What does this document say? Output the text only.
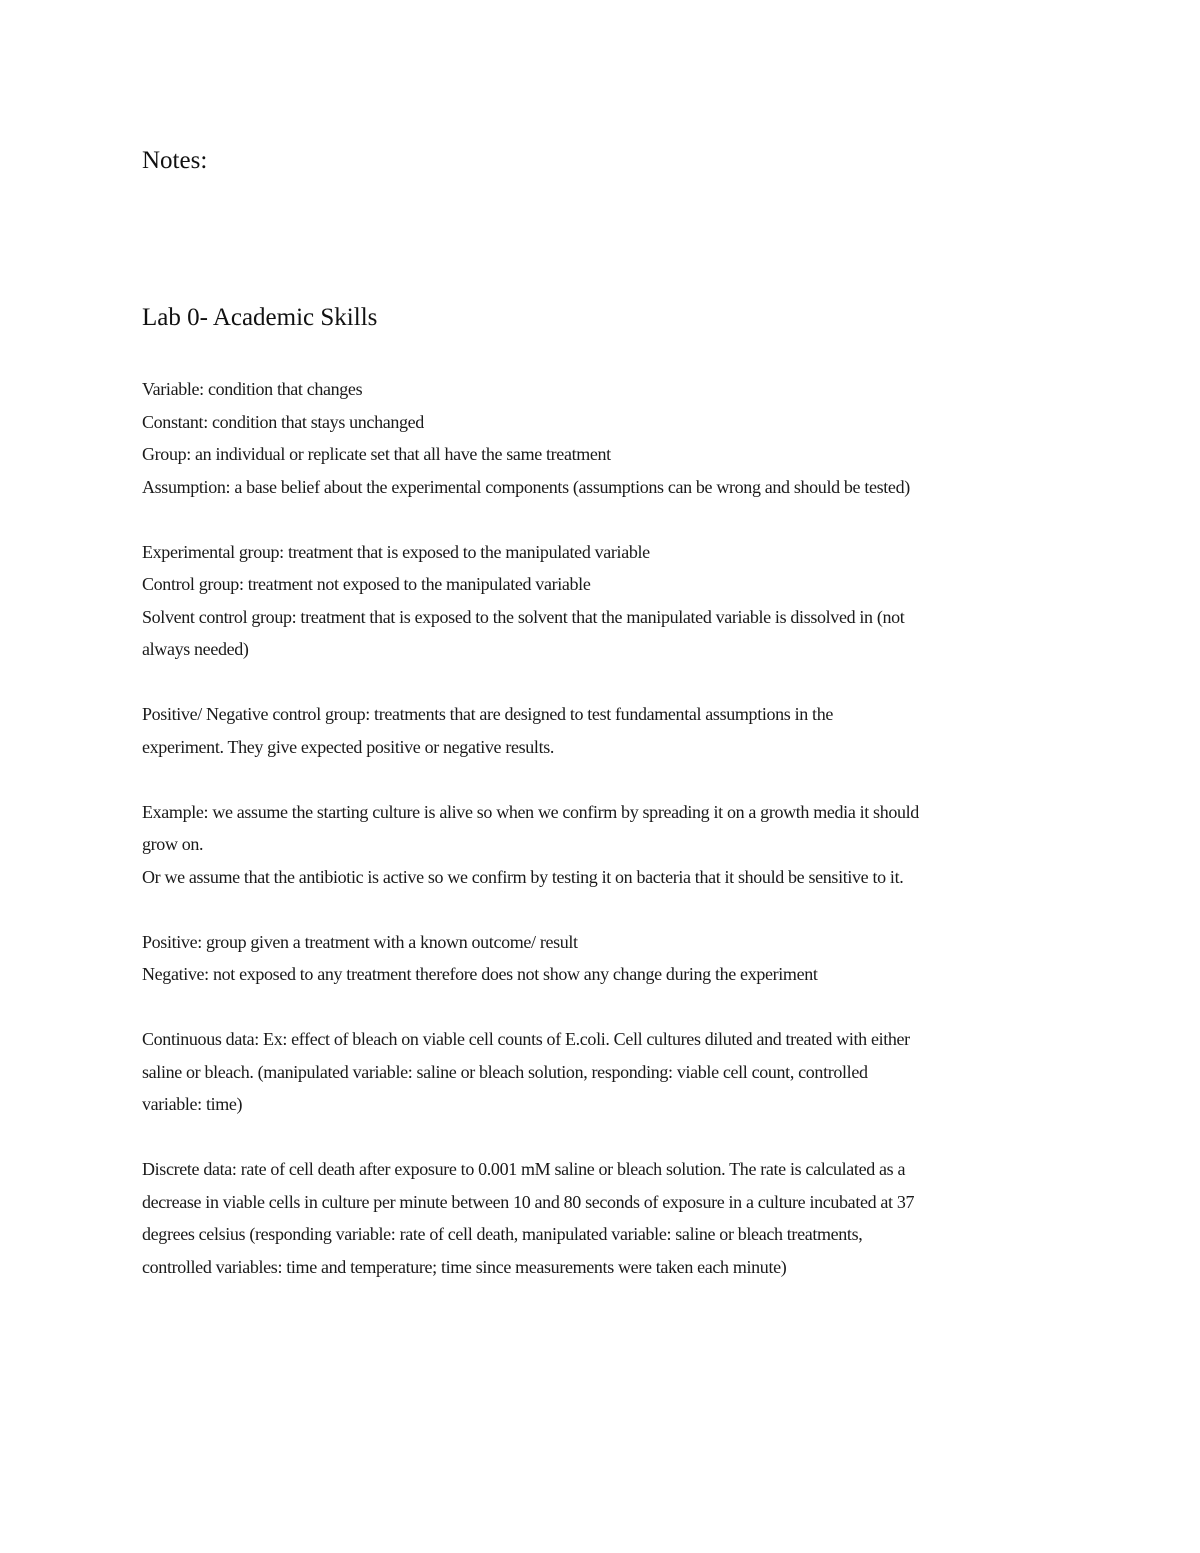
Notes:
Lab 0- Academic Skills

Variable: condition that changes
Constant: condition that stays unchanged
Group: an individual or replicate set that all have the same treatment
Assumption: a base belief about the experimental components (assumptions can be wrong and should be tested)

Experimental group: treatment that is exposed to the manipulated variable
Control group: treatment not exposed to the manipulated variable
Solvent control group: treatment that is exposed to the solvent that the manipulated variable is dissolved in (not
always needed)

Positive/ Negative control group: treatments that are designed to test fundamental assumptions in the
experiment. They give expected positive or negative results.

Example: we assume the starting culture is alive so when we confirm by spreading it on a growth media it should
grow on.
Or we assume that the antibiotic is active so we confirm by testing it on bacteria that it should be sensitive to it.

Positive: group given a treatment with a known outcome/ result
Negative: not exposed to any treatment therefore does not show any change during the experiment

Continuous data: Ex: effect of bleach on viable cell counts of E.coli. Cell cultures diluted and treated with either
saline or bleach. (manipulated variable: saline or bleach solution, responding: viable cell count, controlled
variable: time)

Discrete data: rate of cell death after exposure to 0.001 mM saline or bleach solution. The rate is calculated as a
decrease in viable cells in culture per minute between 10 and 80 seconds of exposure in a culture incubated at 37
degrees celsius (responding variable: rate of cell death, manipulated variable: saline or bleach treatments,
controlled variables: time and temperature; time since measurements were taken each minute)
